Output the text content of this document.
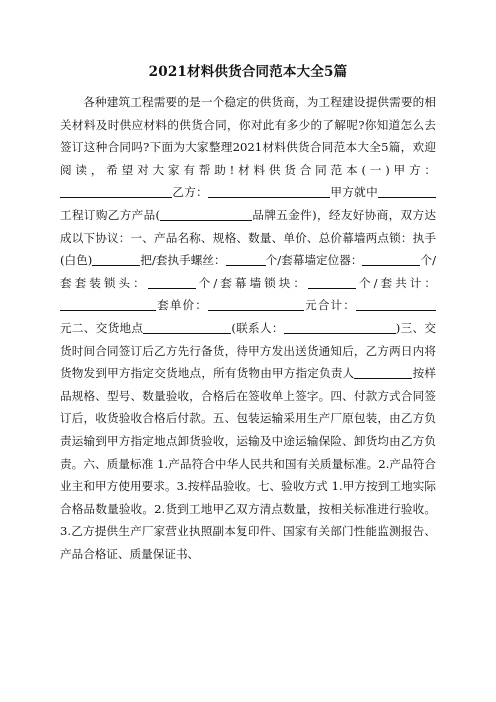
2021材料供货合同范本大全5篇
各种建筑工程需要的是一个稳定的供货商，为工程建设提供需要的相关材料及时供应材料的供货合同，你对此有多少的了解呢?你知道怎么去签订这种合同吗?下面为大家整理2021材料供货合同范本大全5篇，欢迎阅读，希望对大家有帮助!材料供货合同范本(一)甲方：乙方：	甲方就中工程订购乙方产品(	品牌五金件)，经友好协商，双方达成以下协议：一、产品名称、规格、数量、单价、总价幕墙两点锁：执手(白色)	把/套执手螺丝：	个/套幕墙定位器：	个/套套装锁头：	个/套幕墙锁块：	个/套共计：套单价：	元合计：元二、交货地点	(联系人：	)三、交货时间合同签订后乙方先行备货，待甲方发出送货通知后，乙方两日内将货物发到甲方指定交货地点，所有货物由甲方指定负责人	按样品规格、型号、数量验收，合格后在签收单上签字。四、付款方式合同签订后，收货验收合格后付款。五、包装运输采用生产厂原包装，由乙方负责运输到甲方指定地点卸货验收，运输及中途运输保险、卸货均由乙方负责。六、质量标准 1.产品符合中华人民共和国有关质量标准。2.产品符合业主和甲方使用要求。3.按样品验收。七、验收方式 1.甲方按到工地实际合格品数量验收。2.货到工地甲乙双方清点数量，按相关标准进行验收。3.乙方提供生产厂家营业执照副本复印件、国家有关部门性能监测报告、产品合格证、质量保证书、
